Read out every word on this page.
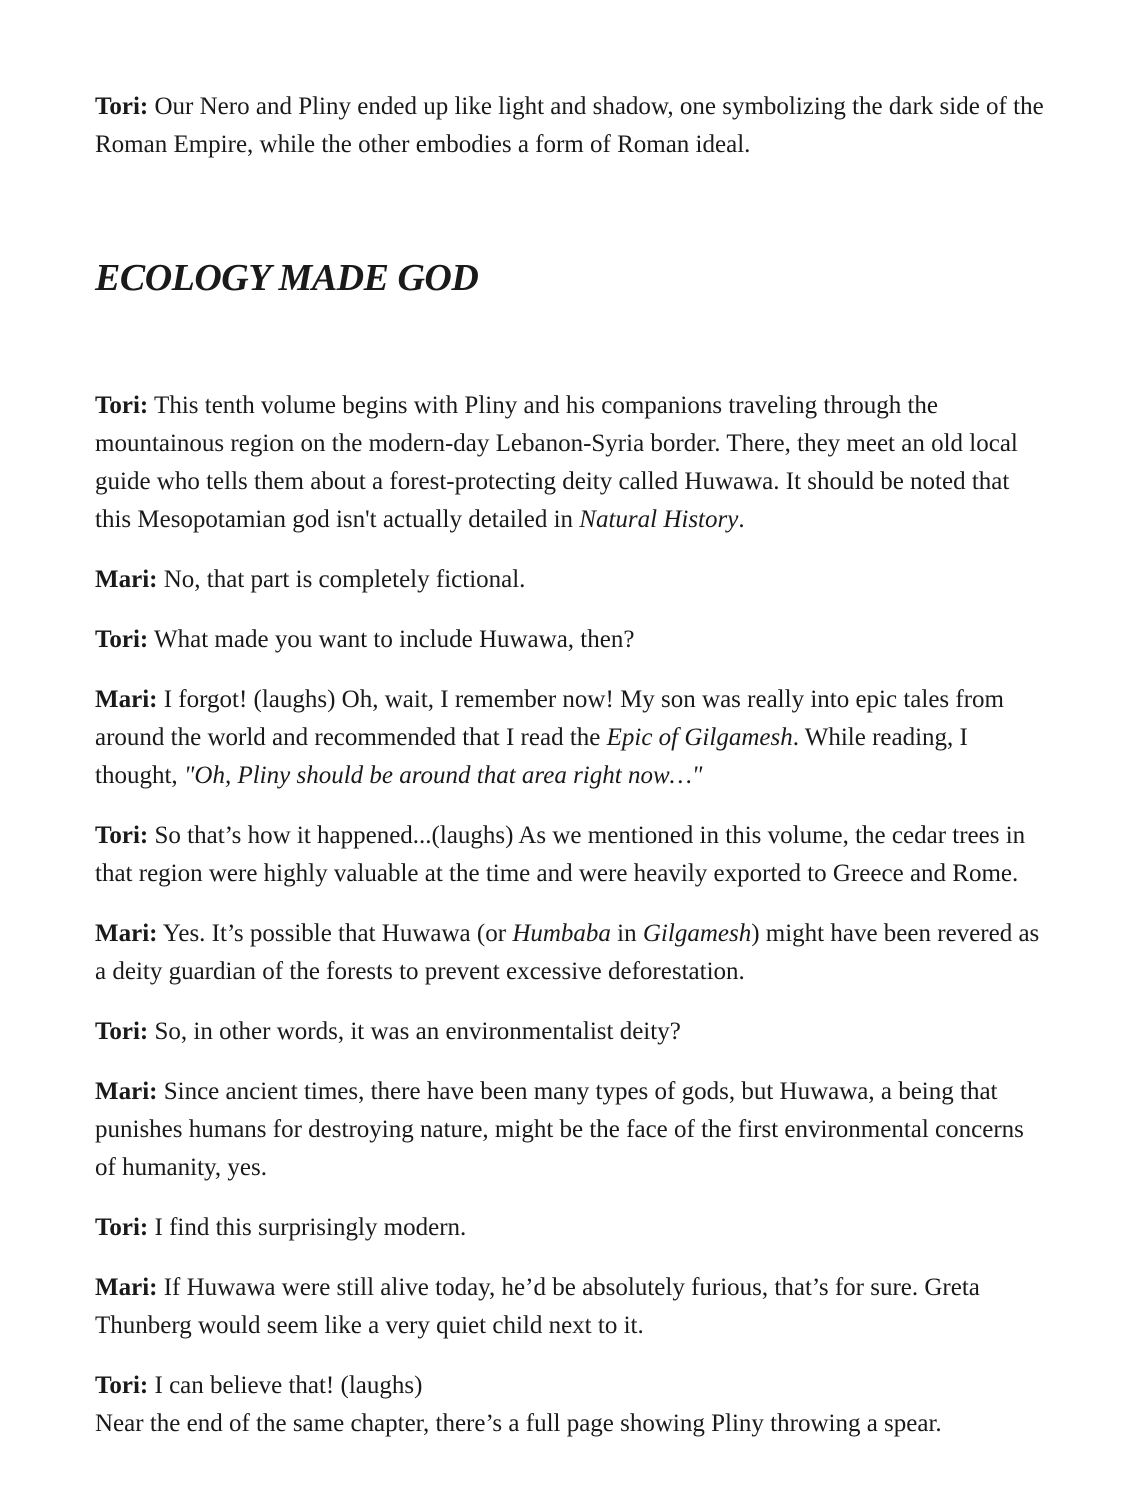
Tori: Our Nero and Pliny ended up like light and shadow, one symbolizing the dark side of the Roman Empire, while the other embodies a form of Roman ideal.

ECOLOGY MADE GOD

Tori: This tenth volume begins with Pliny and his companions traveling through the mountainous region on the modern-day Lebanon-Syria border. There, they meet an old local guide who tells them about a forest-protecting deity called Huwawa. It should be noted that this Mesopotamian god isn't actually detailed in Natural History.

Mari: No, that part is completely fictional.

Tori: What made you want to include Huwawa, then?

Mari: I forgot! (laughs) Oh, wait, I remember now! My son was really into epic tales from around the world and recommended that I read the Epic of Gilgamesh. While reading, I thought, "Oh, Pliny should be around that area right now…"

Tori: So that’s how it happened...(laughs) As we mentioned in this volume, the cedar trees in that region were highly valuable at the time and were heavily exported to Greece and Rome.

Mari: Yes. It’s possible that Huwawa (or Humbaba in Gilgamesh) might have been revered as a deity guardian of the forests to prevent excessive deforestation.

Tori: So, in other words, it was an environmentalist deity?

Mari: Since ancient times, there have been many types of gods, but Huwawa, a being that punishes humans for destroying nature, might be the face of the first environmental concerns of humanity, yes.

Tori: I find this surprisingly modern.

Mari: If Huwawa were still alive today, he’d be absolutely furious, that’s for sure. Greta Thunberg would seem like a very quiet child next to it.

Tori: I can believe that! (laughs)
Near the end of the same chapter, there’s a full page showing Pliny throwing a spear.
